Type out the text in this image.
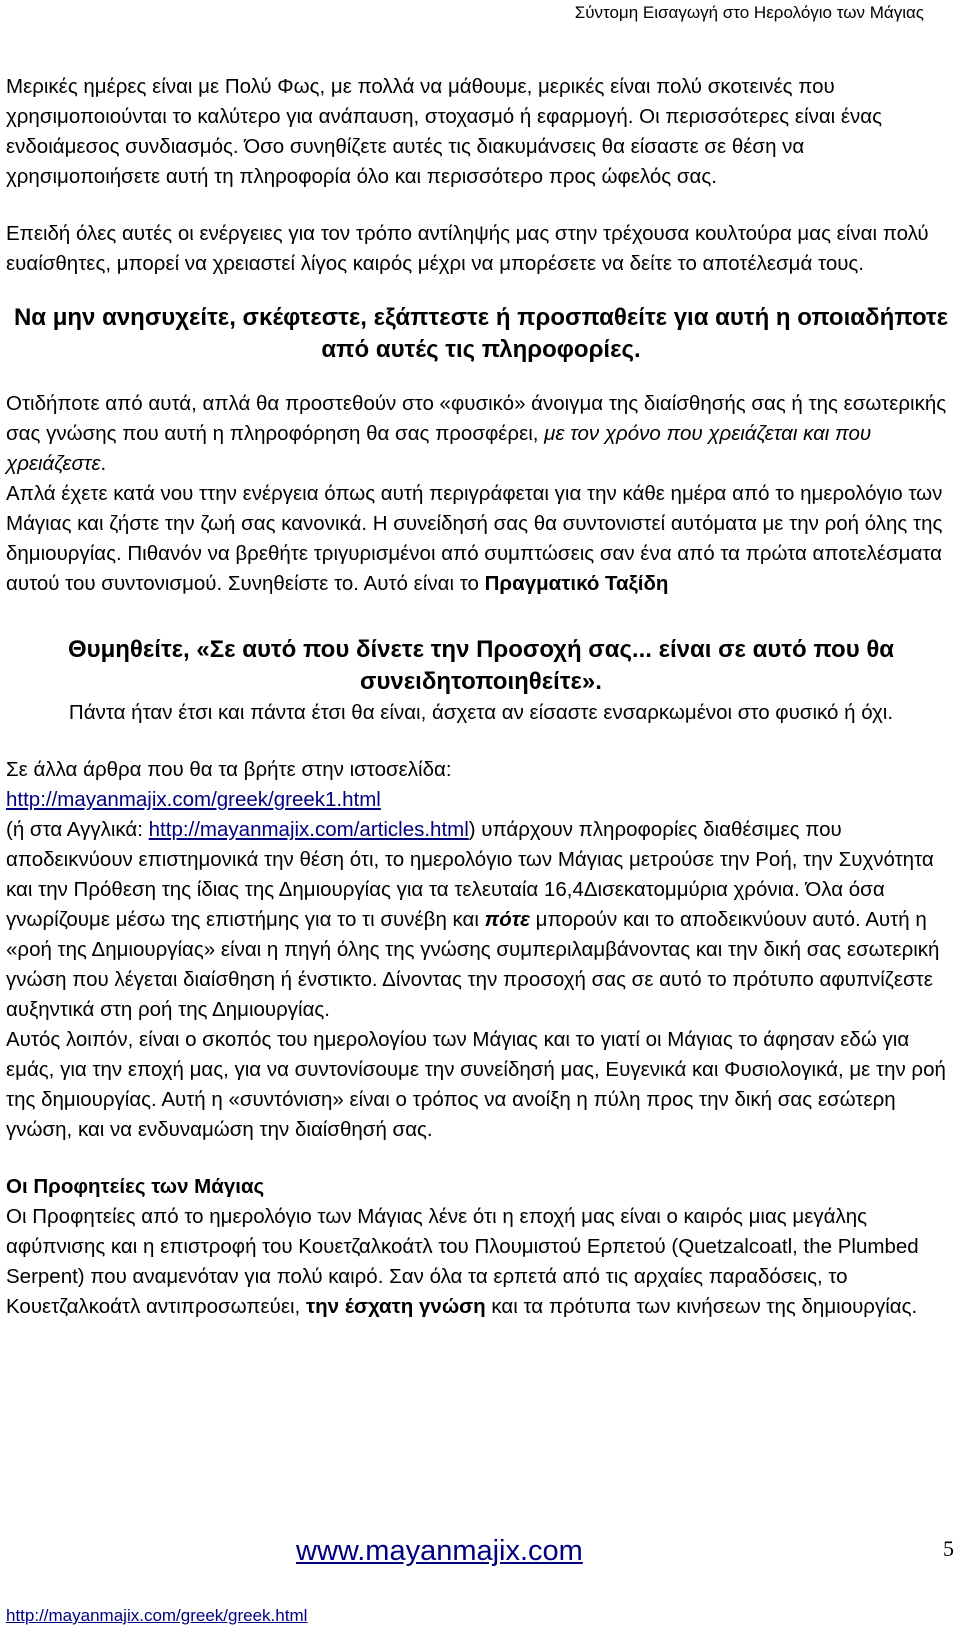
Σύντομη Εισαγωγή στο Ηερολόγιο των Μάγιας

Μερικές ημέρες είναι με Πολύ Φως, με πολλά να μάθουμε, μερικές είναι πολύ σκοτεινές που χρησιμοποιούνται το καλύτερο για ανάπαυση, στοχασμό ή εφαρμογή. Οι περισσότερες είναι ένας ενδοιάμεσος συνδιασμός. Όσο συνηθίζετε αυτές τις διακυμάνσεις θα είσαστε σε θέση να χρησιμοποιήσετε αυτή τη πληροφορία όλο και περισσότερο προς ώφελός σας.

Επειδή όλες αυτές οι ενέργειες για τον τρόπο αντίληψής μας στην τρέχουσα κουλτούρα μας είναι πολύ ευαίσθητες, μπορεί να χρειαστεί λίγος καιρός μέχρι να μπορέσετε να δείτε το αποτέλεσμά τους.

Να μην ανησυχείτε, σκέφτεστε, εξάπτεστε ή προσπαθείτε για αυτή η οποιαδήποτε από αυτές τις πληροφορίες.

Οτιδήποτε από αυτά, απλά θα προστεθούν στο «φυσικό» άνοιγμα της διαίσθησής σας ή της εσωτερικής σας γνώσης που αυτή η πληροφόρηση θα σας προσφέρει, με τον χρόνο που χρειάζεται και που χρειάζεστε.

Απλά έχετε κατά νου ττην ενέργεια όπως αυτή περιγράφεται για την κάθε ημέρα από το ημερολόγιο των Μάγιας και ζήστε την ζωή σας κανονικά. Η συνείδησή σας θα συντονιστεί αυτόματα με την ροή όλης της δημιουργίας. Πιθανόν να βρεθήτε τριγυρισμένοι από συμπτώσεις σαν ένα από τα πρώτα αποτελέσματα αυτού του συντονισμού. Συνηθείστε το. Αυτό είναι το Πραγματικό Ταξίδη

Θυμηθείτε, «Σε αυτό που δίνετε την Προσοχή σας... είναι σε αυτό που θα συνειδητοποιηθείτε».

Πάντα ήταν έτσι και πάντα έτσι θα είναι, άσχετα αν είσαστε ενσαρκωμένοι στο φυσικό ή όχι.

Σε άλλα άρθρα που θα τα βρήτε στην ιστοσελίδα:
http://mayanmajix.com/greek/greek1.html
(ή στα Αγγλικά: http://mayanmajix.com/articles.html) υπάρχουν πληροφορίες διαθέσιμες που αποδεικνύουν επιστημονικά την θέση ότι, το ημερολόγιο των Μάγιας μετρούσε την Ροή, την Συχνότητα και την Πρόθεση της ίδιας της Δημιουργίας για τα τελευταία 16,4Δισεκατομμύρια χρόνια. Όλα όσα γνωρίζουμε μέσω της επιστήμης για το τι συνέβη και πότε μπορούν και το αποδεικνύουν αυτό. Αυτή η «ροή της Δημιουργίας» είναι η πηγή όλης της γνώσης συμπεριλαμβάνοντας και την δική σας εσωτερική γνώση που λέγεται διαίσθηση ή ένστικτο. Δίνοντας την προσοχή σας σε αυτό το πρότυπο αφυπνίζεστε αυξηντικά στη ροή της Δημιουργίας.

Αυτός λοιπόν, είναι ο σκοπός του ημερολογίου των Μάγιας και το γιατί οι Μάγιας το άφησαν εδώ για εμάς, για την εποχή μας, για να συντονίσουμε την συνείδησή μας, Ευγενικά και Φυσιολογικά, με την ροή της δημιουργίας. Αυτή η «συντόνιση» είναι ο τρόπος να ανοίξη η πύλη προς την δική σας εσώτερη γνώση, και να ενδυναμώση την διαίσθησή σας.

Οι Προφητείες των Μάγιας

Οι Προφητείες από το ημερολόγιο των Μάγιας λένε ότι η εποχή μας είναι ο καιρός μιας μεγάλης αφύπνισης και η επιστροφή του Κουετζαλκοάτλ του Πλουμιστού Ερπετού (Quetzalcoatl, the Plumbed Serpent) που αναμενόταν για πολύ καιρό. Σαν όλα τα ερπετά από τις αρχαίες παραδόσεις, το Κουετζαλκοάτλ αντιπροσωπεύει, την έσχατη γνώση και τα πρότυπα των κινήσεων της δημιουργίας.

www.mayanmajix.com	5
http://mayanmajix.com/greek/greek.html
